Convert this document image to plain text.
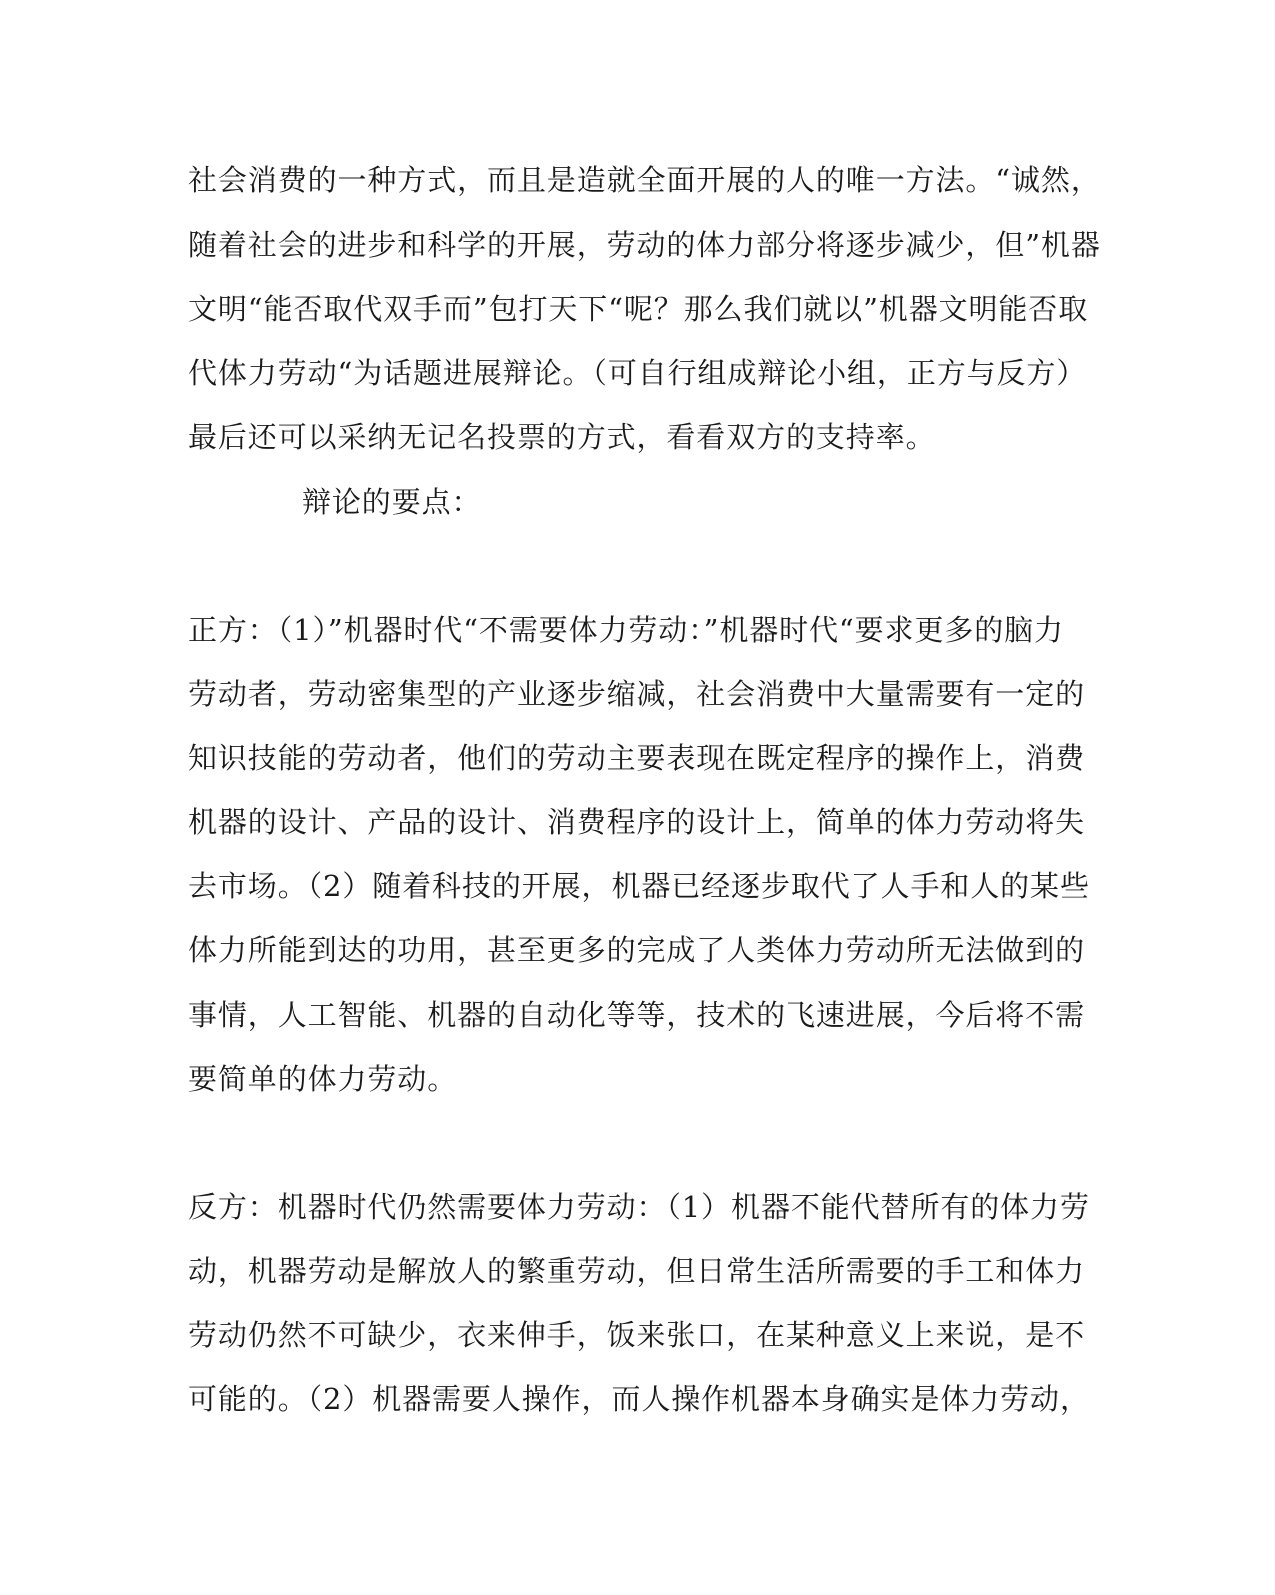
社会消费的一种方式，而且是造就全面开展的人的唯一方法。“诚然，
随着社会的进步和科学的开展，劳动的体力部分将逐步减少，但”机器
文明“能否取代双手而”包打天下“呢？那么我们就以”机器文明能否取
代体力劳动“为话题进展辩论。（可自行组成辩论小组，正方与反方）
最后还可以采纳无记名投票的方式，看看双方的支持率。
辩论的要点：
正方：（1）”机器时代“不需要体力劳动：”机器时代“要求更多的脑力
劳动者，劳动密集型的产业逐步缩减，社会消费中大量需要有一定的
知识技能的劳动者，他们的劳动主要表现在既定程序的操作上，消费
机器的设计、产品的设计、消费程序的设计上，简单的体力劳动将失
去市场。（2）随着科技的开展，机器已经逐步取代了人手和人的某些
体力所能到达的功用，甚至更多的完成了人类体力劳动所无法做到的
事情，人工智能、机器的自动化等等，技术的飞速进展，今后将不需
要简单的体力劳动。
反方：机器时代仍然需要体力劳动：（1）机器不能代替所有的体力劳
动，机器劳动是解放人的繁重劳动，但日常生活所需要的手工和体力
劳动仍然不可缺少，衣来伸手，饭来张口，在某种意义上来说，是不
可能的。（2）机器需要人操作，而人操作机器本身确实是体力劳动，
